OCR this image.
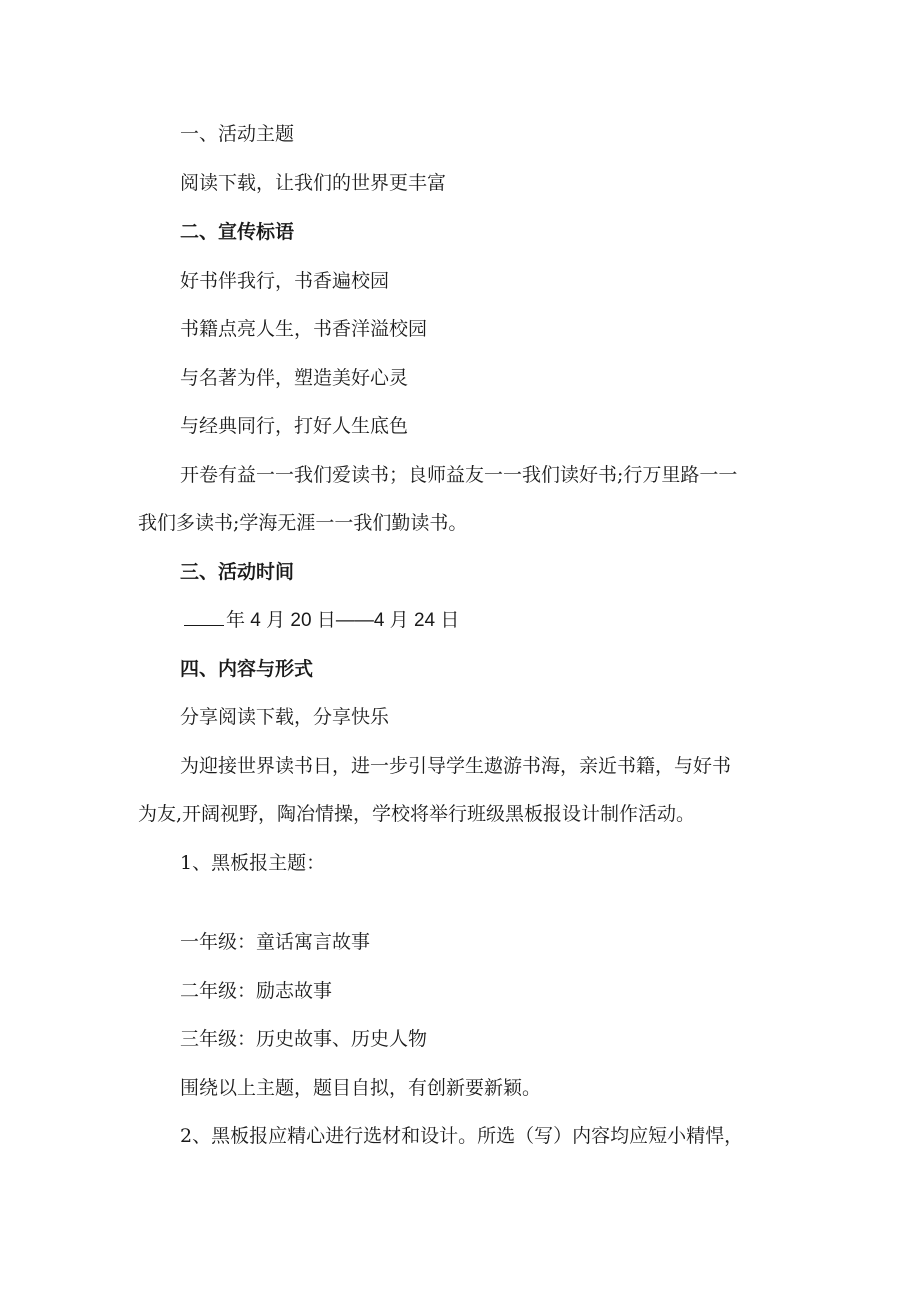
一、活动主题

阅读下载，让我们的世界更丰富

二、宣传标语

好书伴我行，书香遍校园

书籍点亮人生，书香洋溢校园

与名著为伴，塑造美好心灵

与经典同行，打好人生底色

开卷有益一一我们爱读书；良师益友一一我们读好书;行万里路一一

我们多读书;学海无涯一一我们勤读书。

三、活动时间

年 4 月 20 日——4 月 24 日

四、内容与形式

分享阅读下载，分享快乐

为迎接世界读书日，进一步引导学生遨游书海，亲近书籍，与好书

为友,开阔视野，陶冶情操，学校将举行班级黑板报设计制作活动。

1、黑板报主题：

一年级：童话寓言故事

二年级：励志故事

三年级：历史故事、历史人物

围绕以上主题，题目自拟，有创新要新颖。

2、黑板报应精心进行选材和设计。所选（写）内容均应短小精悍，
